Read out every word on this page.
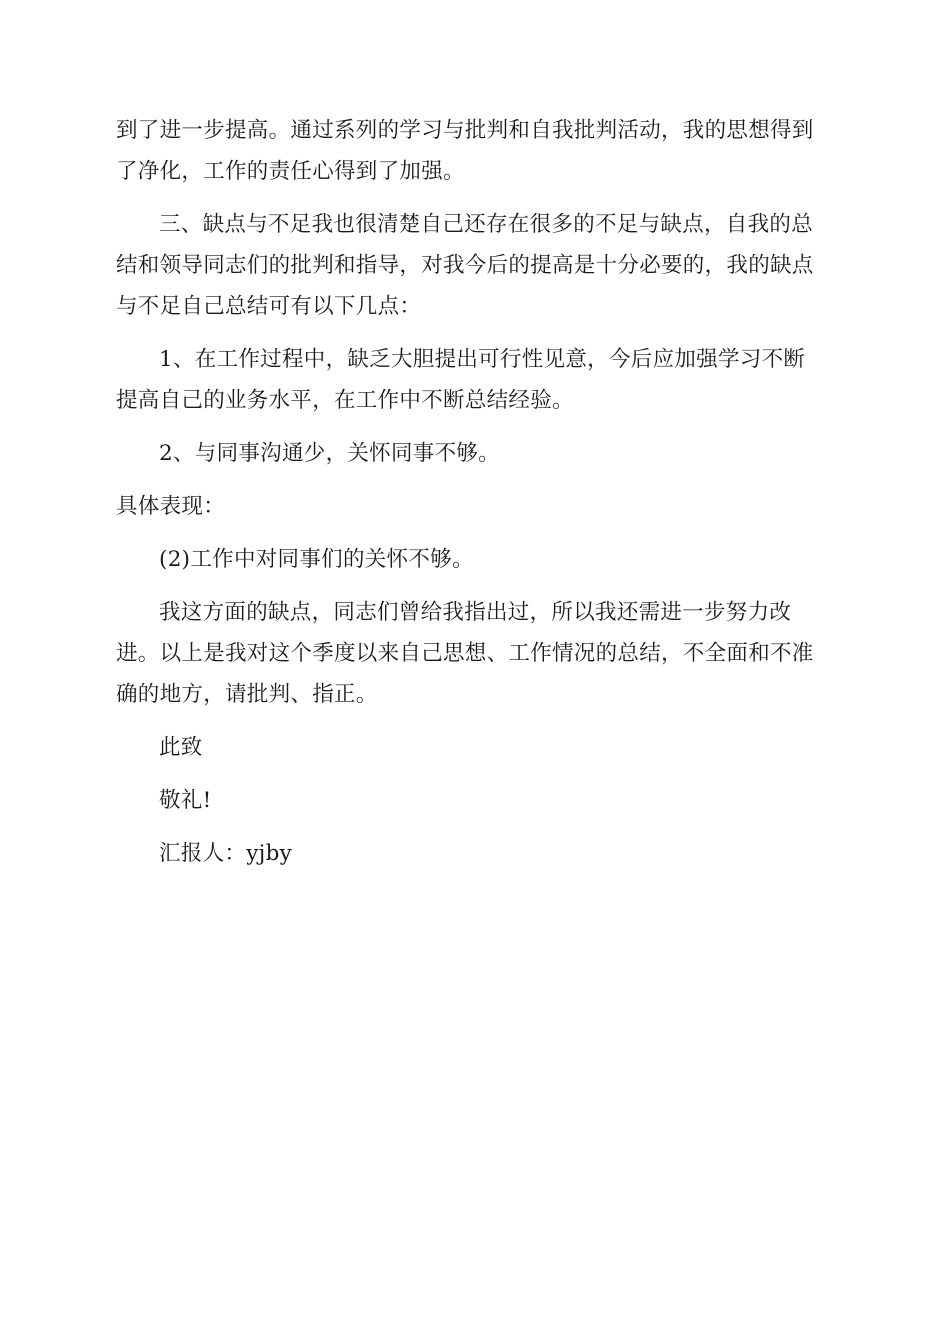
到了进一步提高。通过系列的学习与批判和自我批判活动，我的思想得到
了净化，工作的责任心得到了加强。

三、缺点与不足我也很清楚自己还存在很多的不足与缺点，自我的总
结和领导同志们的批判和指导，对我今后的提高是十分必要的，我的缺点
与不足自己总结可有以下几点：

1、在工作过程中，缺乏大胆提出可行性见意，今后应加强学习不断
提高自己的业务水平，在工作中不断总结经验。

2、与同事沟通少，关怀同事不够。

具体表现：

(2)工作中对同事们的关怀不够。

我这方面的缺点，同志们曾给我指出过，所以我还需进一步努力改
进。以上是我对这个季度以来自己思想、工作情况的总结，不全面和不准
确的地方，请批判、指正。

此致

敬礼!

汇报人：yjby
